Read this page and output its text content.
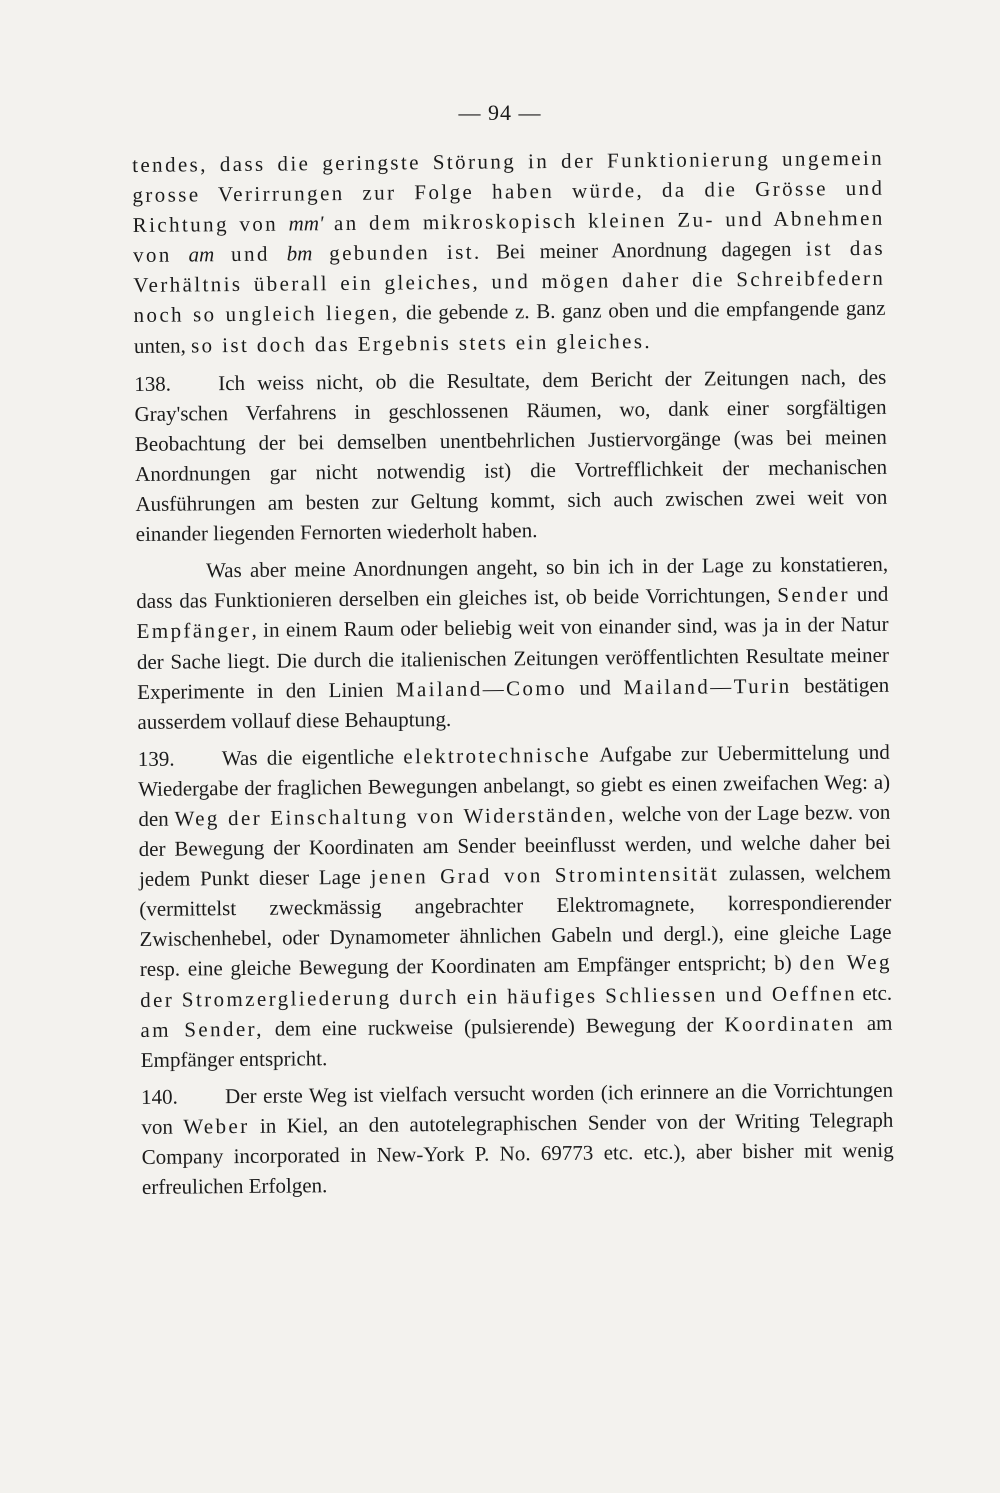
— 94 —

tendes, dass die geringste Störung in der Funktionierung ungemein grosse Verirrungen zur Folge haben würde, da die Grösse und Richtung von mm' an dem mikroskopisch kleinen Zu- und Abnehmen von am und bm gebunden ist. Bei meiner Anordnung dagegen ist das Verhältnis überall ein gleiches, und mögen daher die Schreibfedern noch so ungleich liegen, die gebende z. B. ganz oben und die empfangende ganz unten, so ist doch das Ergebnis stets ein gleiches.

138. Ich weiss nicht, ob die Resultate, dem Bericht der Zeitungen nach, des Gray'schen Verfahrens in geschlossenen Räumen, wo, dank einer sorgfältigen Beobachtung der bei demselben unentbehrlichen Justiervorgänge (was bei meinen Anordnungen gar nicht notwendig ist) die Vortrefflichkeit der mechanischen Ausführungen am besten zur Geltung kommt, sich auch zwischen zwei weit von einander liegenden Fernorten wiederholt haben.

Was aber meine Anordnungen angeht, so bin ich in der Lage zu konstatieren, dass das Funktionieren derselben ein gleiches ist, ob beide Vorrichtungen, Sender und Empfänger, in einem Raum oder beliebig weit von einander sind, was ja in der Natur der Sache liegt. Die durch die italienischen Zeitungen veröffentlichten Resultate meiner Experimente in den Linien Mailand—Como und Mailand—Turin bestätigen ausserdem vollauf diese Behauptung.

139. Was die eigentliche elektrotechnische Aufgabe zur Uebermittelung und Wiedergabe der fraglichen Bewegungen anbelangt, so giebt es einen zweifachen Weg: a) den Weg der Einschaltung von Widerständen, welche von der Lage bezw. von der Bewegung der Koordinaten am Sender beeinflusst werden, und welche daher bei jedem Punkt dieser Lage jenen Grad von Stromintensität zulassen, welchem (vermittelst zweckmässig angebrachter Elektromagnete, korrespondierender Zwischenhebel, oder Dynamometer ähnlichen Gabeln und dergl.), eine gleiche Lage resp. eine gleiche Bewegung der Koordinaten am Empfänger entspricht; b) den Weg der Stromzergliederung durch ein häufiges Schliessen und Oeffnen etc. am Sender, dem eine ruckweise (pulsierende) Bewegung der Koordinaten am Empfänger entspricht.

140. Der erste Weg ist vielfach versucht worden (ich erinnere an die Vorrichtungen von Weber in Kiel, an den autotelegraphischen Sender von der Writing Telegraph Company incorporated in New-York P. No. 69773 etc. etc.), aber bisher mit wenig erfreulichen Erfolgen.
